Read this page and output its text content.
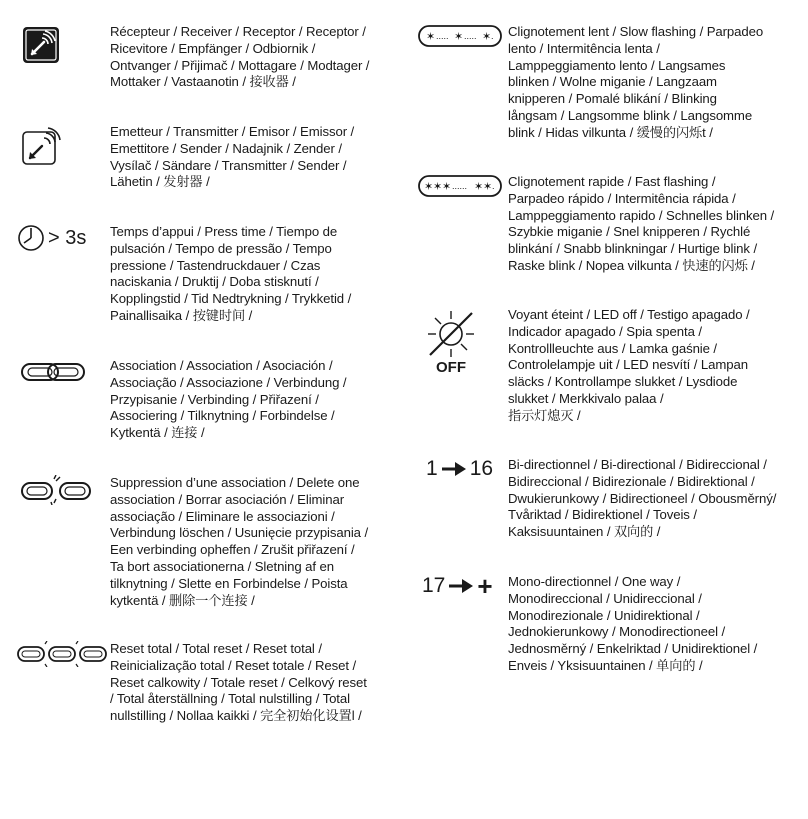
Récepteur / Receiver / Receptor / Receptor /
Ricevitore / Empfänger / Odbiornik /
Ontvanger / Přijimač / Mottagare / Modtager /
Mottaker / Vastaanotin / 接收器 /
Emetteur / Transmitter / Emisor / Emissor /
Emettitore / Sender / Nadajnik / Zender /
Vysílač / Sändare / Transmitter / Sender /
Lähetin / 发射器 /
> 3s Temps d’appui / Press time / Tiempo de
pulsación / Tempo de pressão / Tempo
pressione / Tastendruckdauer / Czas
naciskania / Druktij / Doba stisknutí /
Kopplingstid / Tid Nedtrykning / Trykketid /
Painallisaika / 按键时间 /
Association / Association / Asociación /
Associação / Associazione / Verbindung /
Przypisanie / Verbinding / Přiřazení /
Associering / Tilknytning / Forbindelse /
Kytkentä / 连接 /
Suppression d’une association / Delete one
association / Borrar asociación / Eliminar
associação / Eliminare le associazioni /
Verbindung löschen / Usunięcie przypisania /
Een verbinding opheffen / Zrušit přiřazení /
Ta bort associationerna / Sletning af en
tilknytning / Slette en Forbindelse / Poista
kytkentä / 删除一个连接 /
Reset total / Total reset / Reset total /
Reinicialização total / Reset totale / Reset /
Reset calkowity / Totale reset / Celkový reset
/ Total återställning / Total nulstilling / Total
nullstilling / Nollaa kaikki / 完全初始化设置l /
✶ ..... ✶ ..... ✶ . Clignotement lent / Slow flashing / Parpadeo
lento / Intermitência lenta /
Lamppeggiamento lento / Langsames
blinken / Wolne miganie / Langzaam
knipperen / Pomalé blikání / Blinking
långsam / Langsomme blink / Langsomme
blink / Hidas vilkunta / 缓慢的闪烁t /
✶ ✶ ✶ ...... ✶ ✶ . Clignotement rapide / Fast flashing /
Parpadeo rápido / Intermitência rápida /
Lamppeggiamento rapido / Schnelles blinken /
Szybkie miganie / Snel knipperen / Rychlé
blinkání / Snabb blinkningar / Hurtige blink /
Raske blink / Nopea vilkunta / 快速的闪烁 /
OFF
Voyant éteint / LED off / Testigo apagado /
Indicador apagado / Spia spenta /
Kontrollleuchte aus / Lamka gaśnie /
Controlelampje uit / LED nesvítí / Lampan
släcks / Kontrollampe slukket / Lysdiode
slukket / Merkkivalo palaa /
指示灯熄灭 /
1 16 Bi-directionnel / Bi-directional / Bidireccional /
Bidireccional / Bidirezionale / Bidirektional /
Dwukierunkowy / Bidirectioneel / Obousměrný/
Tvåriktad / Bidirektionel / Toveis /
Kaksisuuntainen / 双向的 /
17 + Mono-directionnel / One way /
Monodireccional / Unidireccional /
Monodirezionale / Unidirektional /
Jednokierunkowy / Monodirectioneel /
Jednosměrný / Enkelriktad / Unidirektionel /
Enveis / Yksisuuntainen / 单向的 /
